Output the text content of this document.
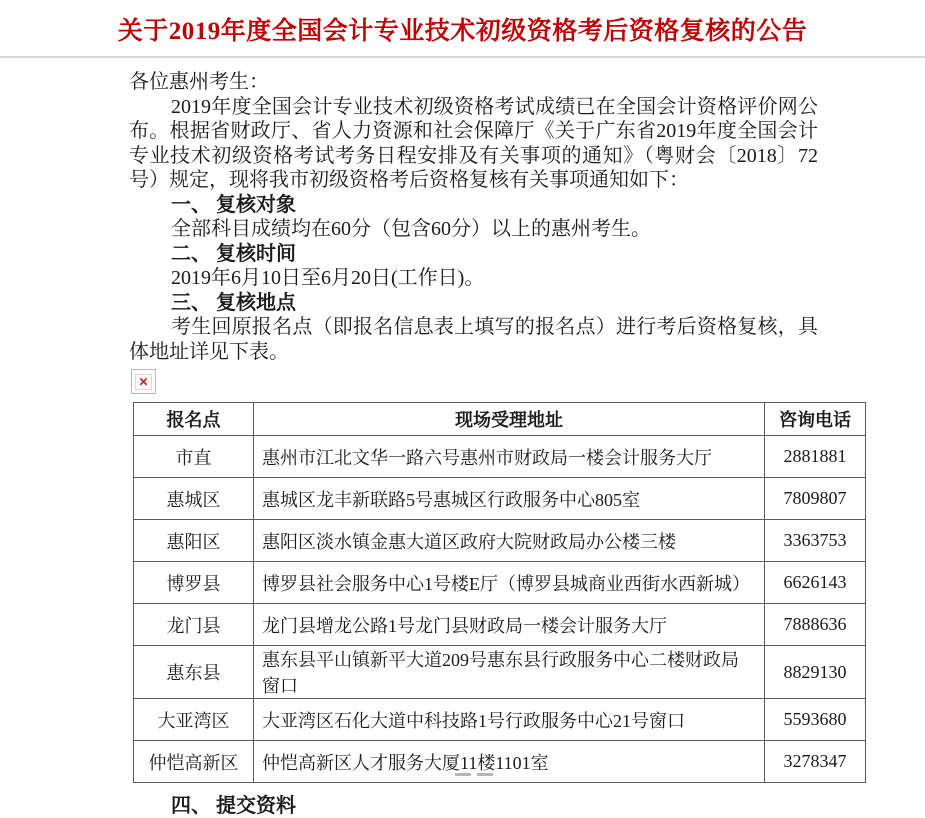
关于2019年度全国会计专业技术初级资格考后资格复核的公告
各位惠州考生：
2019年度全国会计专业技术初级资格考试成绩已在全国会计资格评价网公布。根据省财政厅、省人力资源和社会保障厅《关于广东省2019年度全国会计专业技术初级资格考试考务日程安排及有关事项的通知》（粤财会〔2018〕72号）规定，现将我市初级资格考后资格复核有关事项通知如下：
一、 复核对象
全部科目成绩均在60分（包含60分）以上的惠州考生。
二、 复核时间
2019年6月10日至6月20日(工作日)。
三、 复核地点
考生回原报名点（即报名信息表上填写的报名点）进行考后资格复核，具体地址详见下表。
✕
报名点	现场受理地址	咨询电话
市直	惠州市江北文华一路六号惠州市财政局一楼会计服务大厅	2881881
惠城区	惠城区龙丰新联路5号惠城区行政服务中心805室	7809807
惠阳区	惠阳区淡水镇金惠大道区政府大院财政局办公楼三楼	3363753
博罗县	博罗县社会服务中心1号楼E厅（博罗县城商业西街水西新城）	6626143
龙门县	龙门县增龙公路1号龙门县财政局一楼会计服务大厅	7888636
惠东县	惠东县平山镇新平大道209号惠东县行政服务中心二楼财政局窗口	8829130
大亚湾区	大亚湾区石化大道中科技路1号行政服务中心21号窗口	5593680
仲恺高新区	仲恺高新区人才服务大厦11楼1101室	3278347
四、 提交资料
